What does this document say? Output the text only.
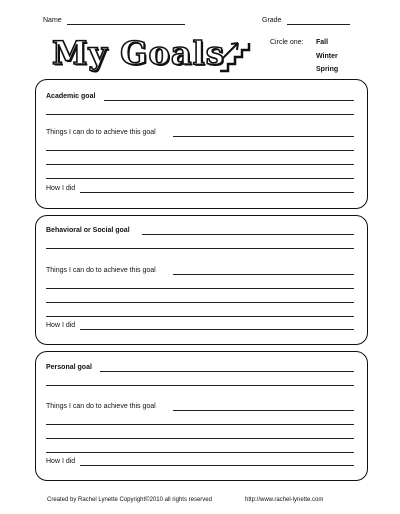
Name	Grade
My Goals	Circle one: Fall
Winter
Spring
Academic goal
Things I can do to achieve this goal
How I did
Behavioral or Social goal
Things I can do to achieve this goal
How I did
Personal goal
Things I can do to achieve this goal
How I did
Created by Rachel Lynette Copyright©2010 all rights reserved	http://www.rachel-lynette.com
